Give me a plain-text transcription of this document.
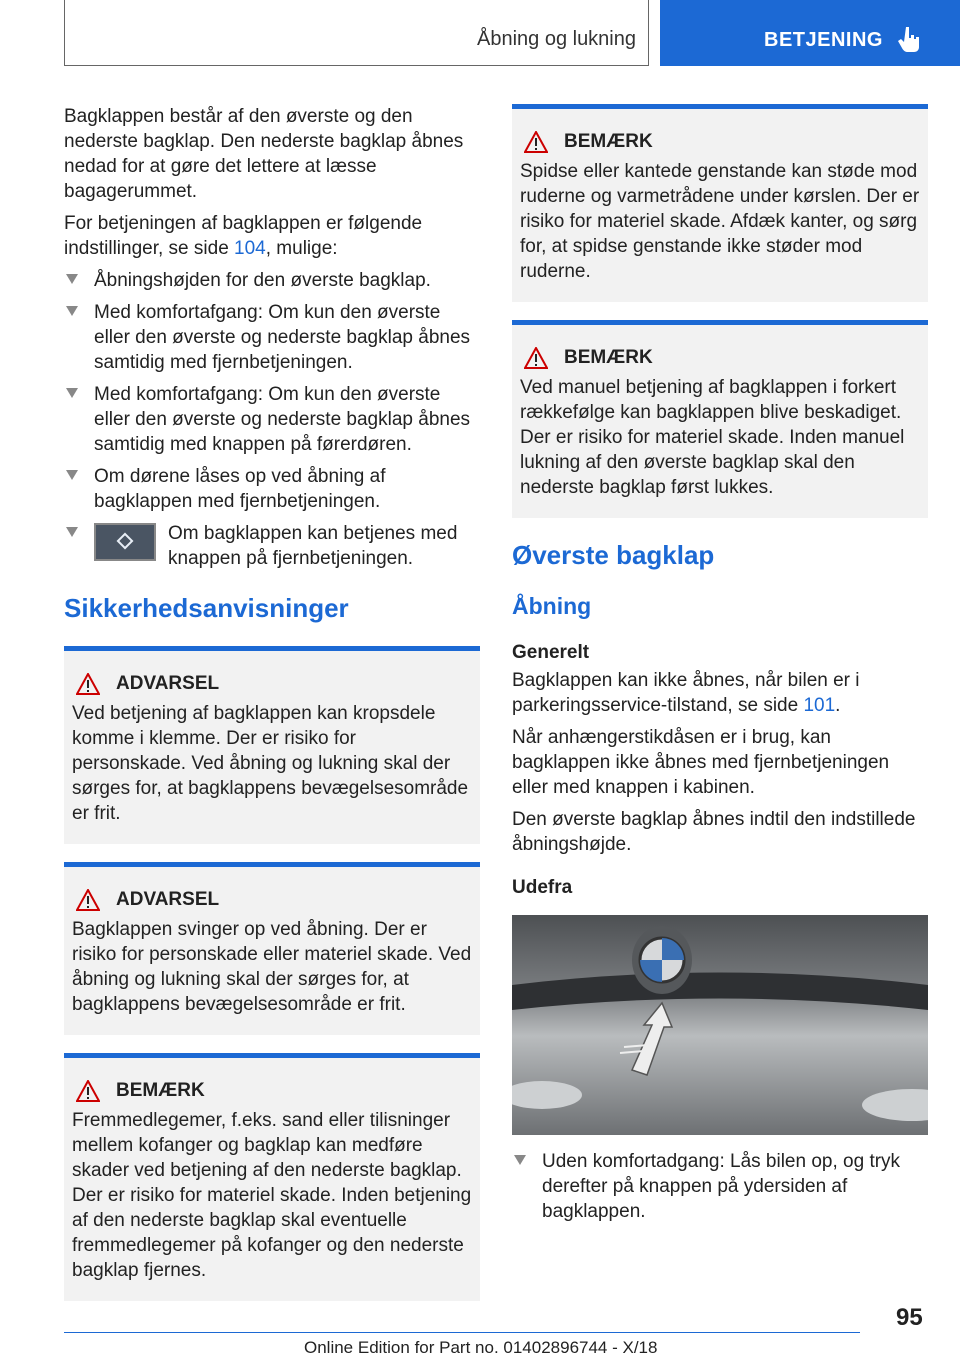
Åbning og lukning	BETJENING

Bagklappen består af den øverste og den nederste bagklap. Den nederste bagklap åbnes nedad for at gøre det lettere at læsse bagagerummet.

For betjeningen af bagklappen er følgende indstillinger, se side 104, mulige:

Åbningshøjden for den øverste bagklap.
Med komfortafgang: Om kun den øverste eller den øverste og nederste bagklap åbnes samtidig med fjernbetjeningen.
Med komfortafgang: Om kun den øverste eller den øverste og nederste bagklap åbnes samtidig med knappen på førerdøren.
Om dørene låses op ved åbning af bagklappen med fjernbetjeningen.
Om bagklappen kan betjenes med knappen på fjernbetjeningen.
Sikkerhedsanvisninger
ADVARSEL
Ved betjening af bagklappen kan kropsdele komme i klemme. Der er risiko for personskade. Ved åbning og lukning skal der sørges for, at bagklappens bevægelsesområde er frit.
ADVARSEL
Bagklappen svinger op ved åbning. Der er risiko for personskade eller materiel skade. Ved åbning og lukning skal der sørges for, at bagklappens bevægelsesområde er frit.
BEMÆRK
Fremmedlegemer, f.eks. sand eller tilisninger mellem kofanger og bagklap kan medføre skader ved betjening af den nederste bagklap. Der er risiko for materiel skade. Inden betjening af den nederste bagklap skal eventuelle fremmedlegemer på kofanger og den nederste bagklap fjernes.
BEMÆRK
Spidse eller kantede genstande kan støde mod ruderne og varmetrådene under kørslen. Der er risiko for materiel skade. Afdæk kanter, og sørg for, at spidse genstande ikke støder mod ruderne.
BEMÆRK
Ved manuel betjening af bagklappen i forkert rækkefølge kan bagklappen blive beskadiget. Der er risiko for materiel skade. Inden manuel lukning af den øverste bagklap skal den nederste bagklap først lukkes.
Øverste bagklap
Åbning
Generelt

Bagklappen kan ikke åbnes, når bilen er i parkeringsservice-tilstand, se side 101.

Når anhængerstikdåsen er i brug, kan bagklappen ikke åbnes med fjernbetjeningen eller med knappen i kabinen.

Den øverste bagklap åbnes indtil den indstillede åbningshøjde.

Udefra
Uden komfortadgang: Lås bilen op, og tryk derefter på knappen på ydersiden af bagklappen.
95
Online Edition for Part no. 01402896744 - X/18
